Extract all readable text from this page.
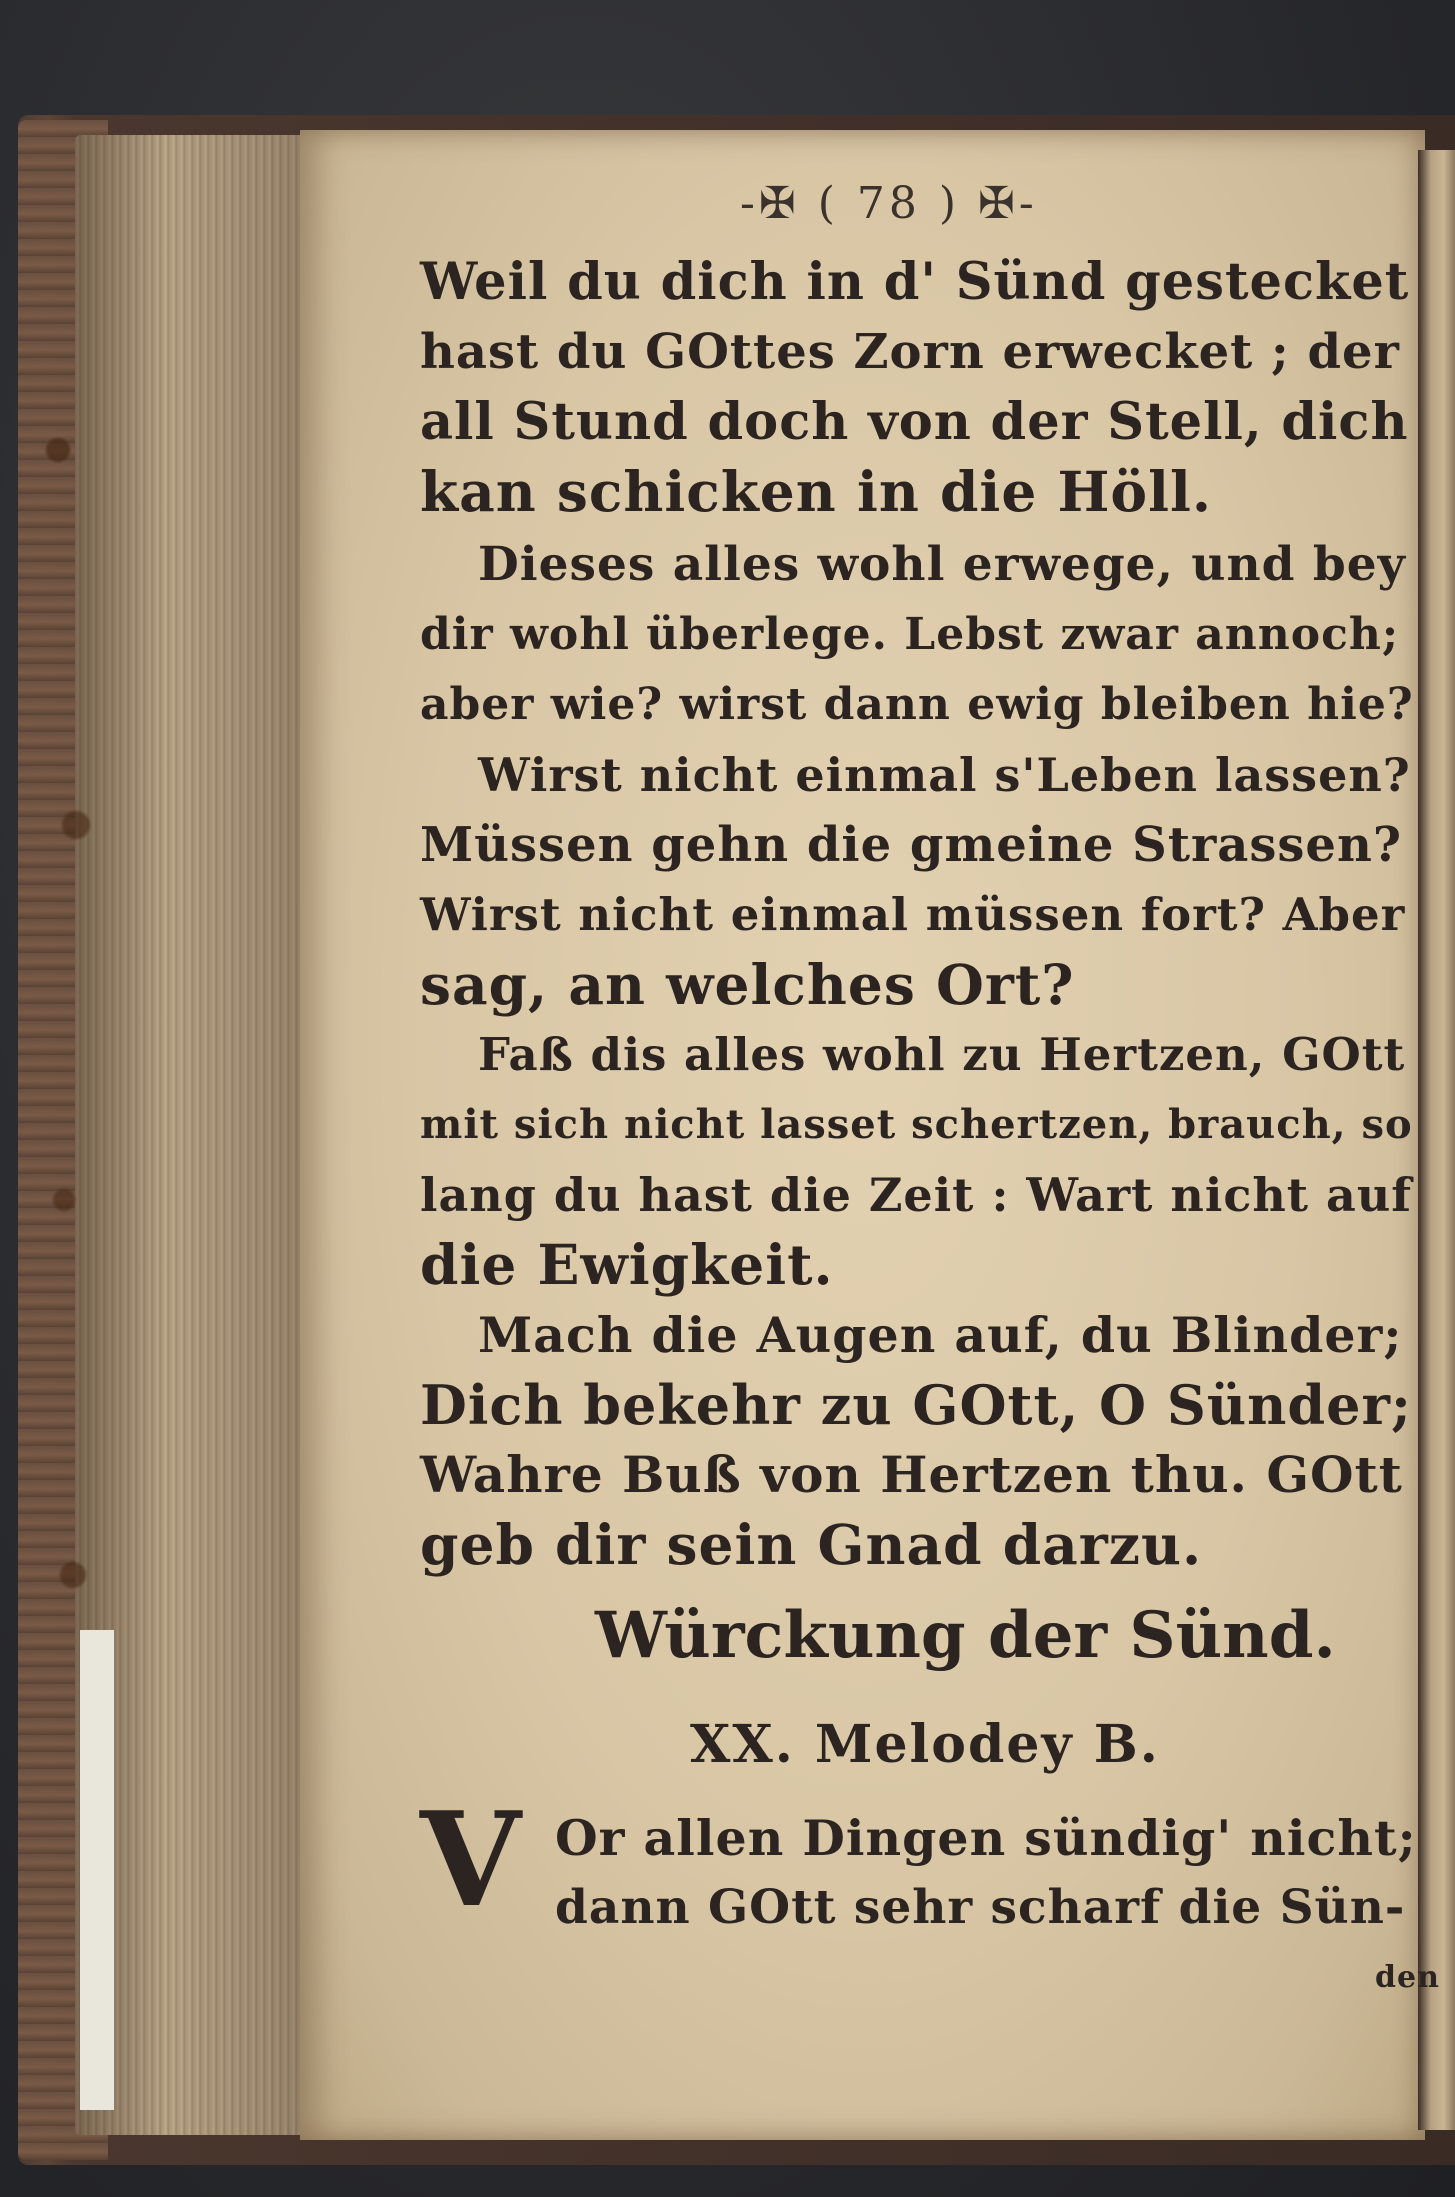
-✠ ( 78 ) ✠-
Weil du dich in d' Sünd gestecket
hast du GOttes Zorn erwecket ; der
all Stund doch von der Stell, dich
kan schicken in die Höll.
Dieses alles wohl erwege, und bey
dir wohl überlege. Lebst zwar annoch;
aber wie? wirst dann ewig bleiben hie?
Wirst nicht einmal s'Leben lassen?
Müssen gehn die gmeine Strassen?
Wirst nicht einmal müssen fort? Aber
sag, an welches Ort?
Faß dis alles wohl zu Hertzen, GOtt
mit sich nicht lasset schertzen, brauch, so
lang du hast die Zeit : Wart nicht auf
die Ewigkeit.
Mach die Augen auf, du Blinder;
Dich bekehr zu GOtt, O Sünder;
Wahre Buß von Hertzen thu. GOtt
geb dir sein Gnad darzu.
Würckung der Sünd.
XX. Melodey B.
V Or allen Dingen sündig' nicht;
dann GOtt sehr scharf die Sün-
den
